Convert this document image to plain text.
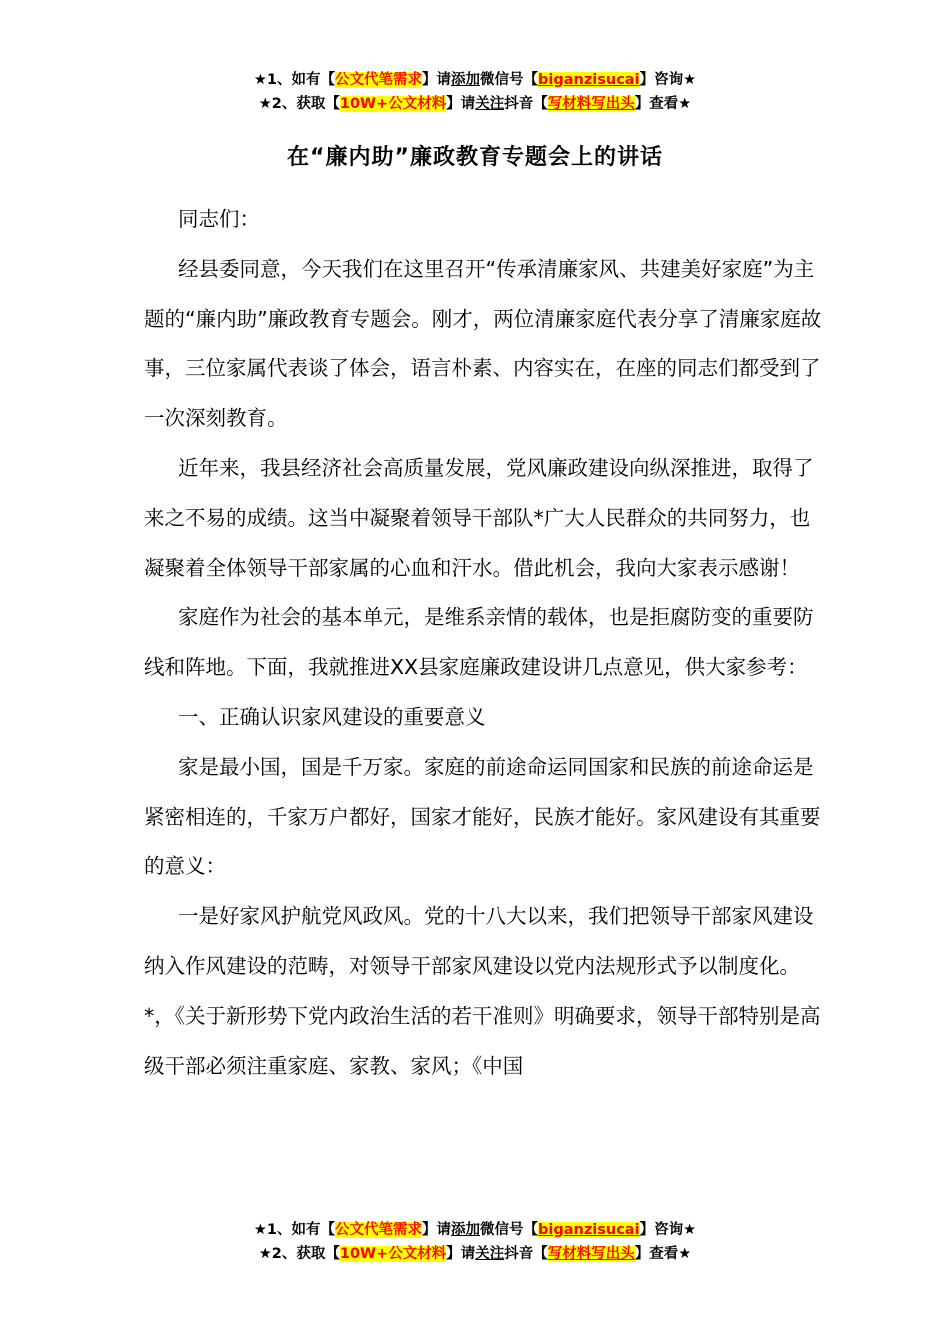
★1、如有【公文代笔需求】请添加微信号【biganzisucai】咨询★
★2、获取【10W+公文材料】请关注抖音【写材料写出头】查看★
在“廉内助”廉政教育专题会上的讲话

同志们：

经县委同意，今天我们在这里召开“传承清廉家风、共建美好家庭”为主题的“廉内助”廉政教育专题会。刚才，两位清廉家庭代表分享了清廉家庭故事，三位家属代表谈了体会，语言朴素、内容实在，在座的同志们都受到了一次深刻教育。

近年来，我县经济社会高质量发展，党风廉政建设向纵深推进，取得了来之不易的成绩。这当中凝聚着领导干部队*广大人民群众的共同努力，也凝聚着全体领导干部家属的心血和汗水。借此机会，我向大家表示感谢！

家庭作为社会的基本单元，是维系亲情的载体，也是拒腐防变的重要防线和阵地。下面，我就推进XX县家庭廉政建设讲几点意见，供大家参考：

一、正确认识家风建设的重要意义

家是最小国，国是千万家。家庭的前途命运同国家和民族的前途命运是紧密相连的，千家万户都好，国家才能好，民族才能好。家风建设有其重要的意义：

一是好家风护航党风政风。党的十八大以来，我们把领导干部家风建设纳入作风建设的范畴，对领导干部家风建设以党内法规形式予以制度化。*，《关于新形势下党内政治生活的若干准则》明确要求，领导干部特别是高级干部必须注重家庭、家教、家风；《中国

★1、如有【公文代笔需求】请添加微信号【biganzisucai】咨询★
★2、获取【10W+公文材料】请关注抖音【写材料写出头】查看★
